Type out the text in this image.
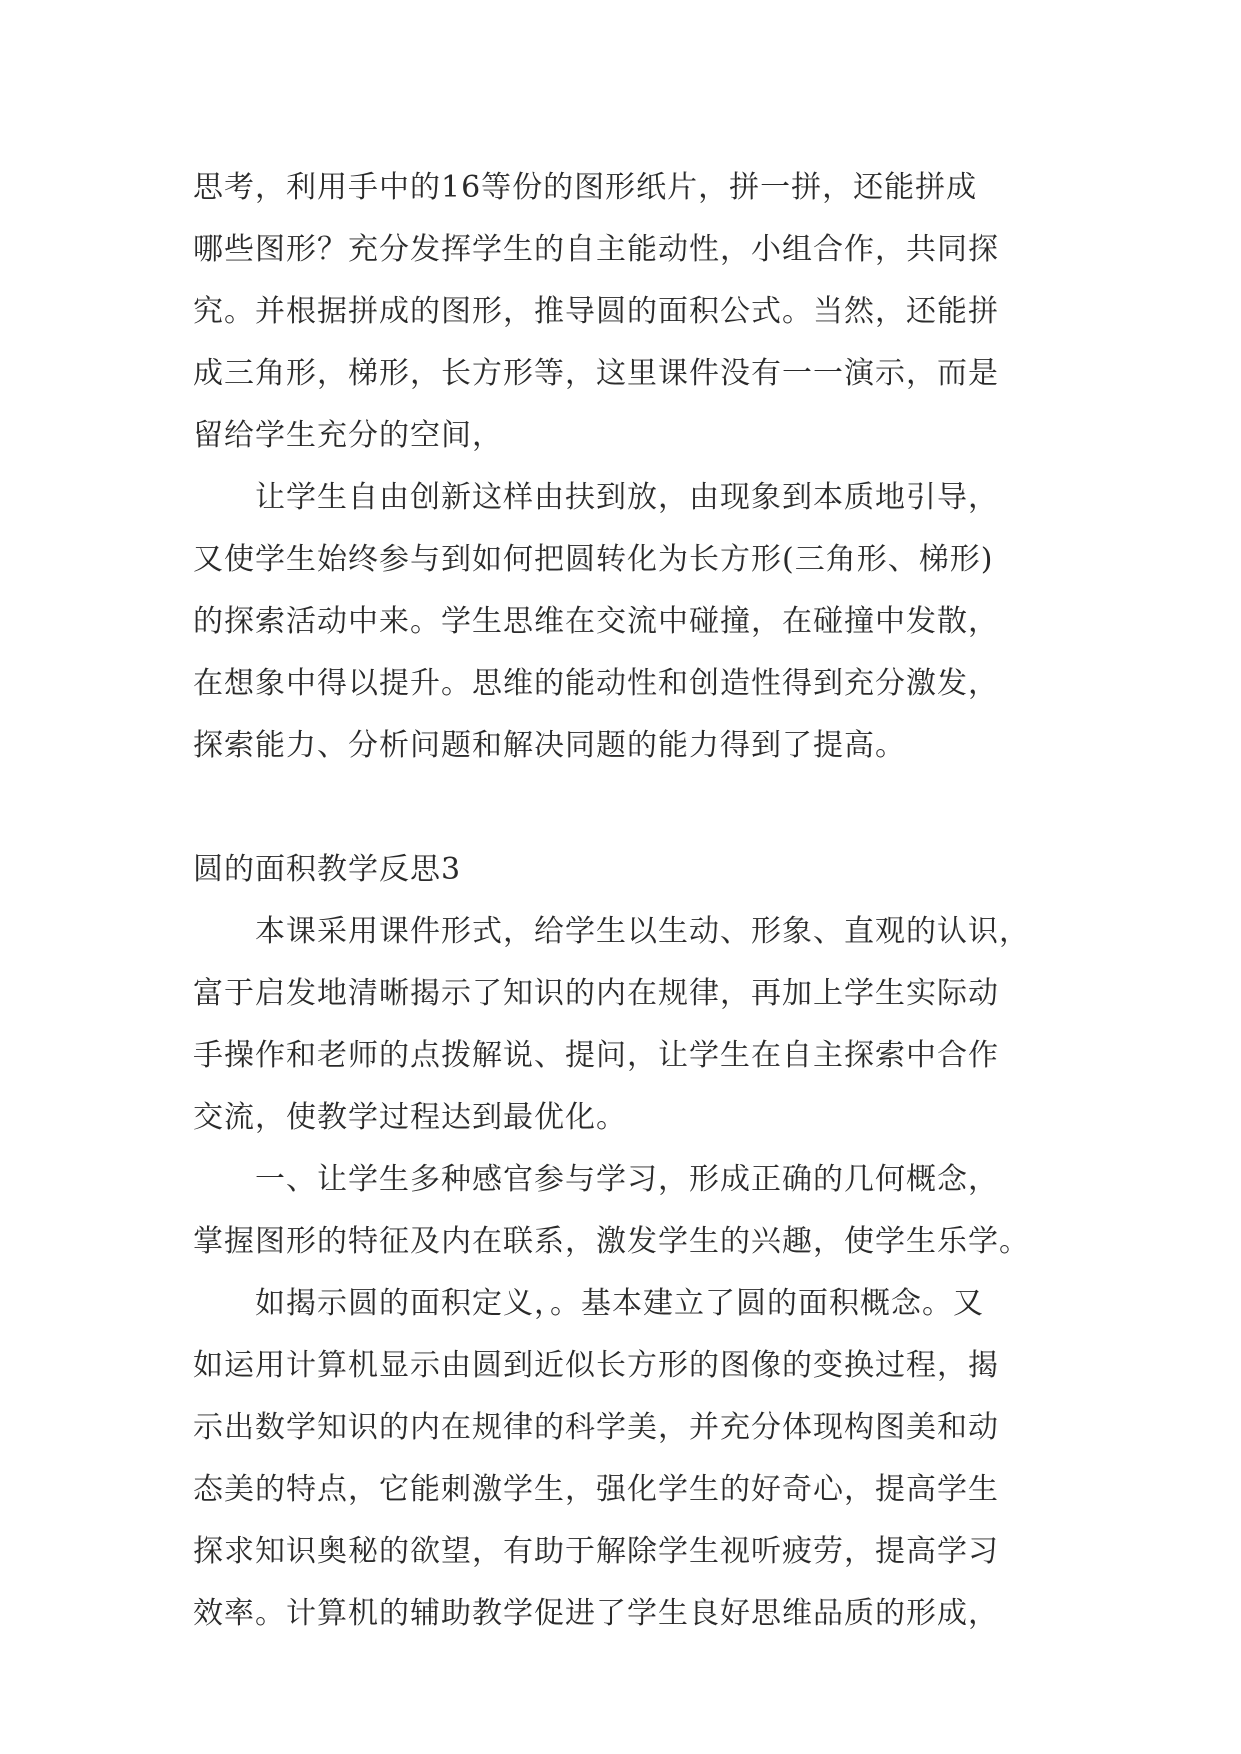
思考，利用手中的16等份的图形纸片，拼一拼，还能拼成
哪些图形？充分发挥学生的自主能动性，小组合作，共同探
究。并根据拼成的图形，推导圆的面积公式。当然，还能拼
成三角形，梯形，长方形等，这里课件没有一一演示，而是
留给学生充分的空间，

让学生自由创新这样由扶到放，由现象到本质地引导，
又使学生始终参与到如何把圆转化为长方形(三角形、梯形)
的探索活动中来。学生思维在交流中碰撞，在碰撞中发散，
在想象中得以提升。思维的能动性和创造性得到充分激发，
探索能力、分析问题和解决同题的能力得到了提高。

圆的面积教学反思3

本课采用课件形式，给学生以生动、形象、直观的认识，
富于启发地清晰揭示了知识的内在规律，再加上学生实际动
手操作和老师的点拨解说、提问，让学生在自主探索中合作
交流，使教学过程达到最优化。

一、让学生多种感官参与学习，形成正确的几何概念，
掌握图形的特征及内在联系，激发学生的兴趣，使学生乐学。

如揭示圆的面积定义，。基本建立了圆的面积概念。又
如运用计算机显示由圆到近似长方形的图像的变换过程，揭
示出数学知识的内在规律的科学美，并充分体现构图美和动
态美的特点，它能刺激学生，强化学生的好奇心，提高学生
探求知识奥秘的欲望，有助于解除学生视听疲劳，提高学习
效率。计算机的辅助教学促进了学生良好思维品质的形成，
